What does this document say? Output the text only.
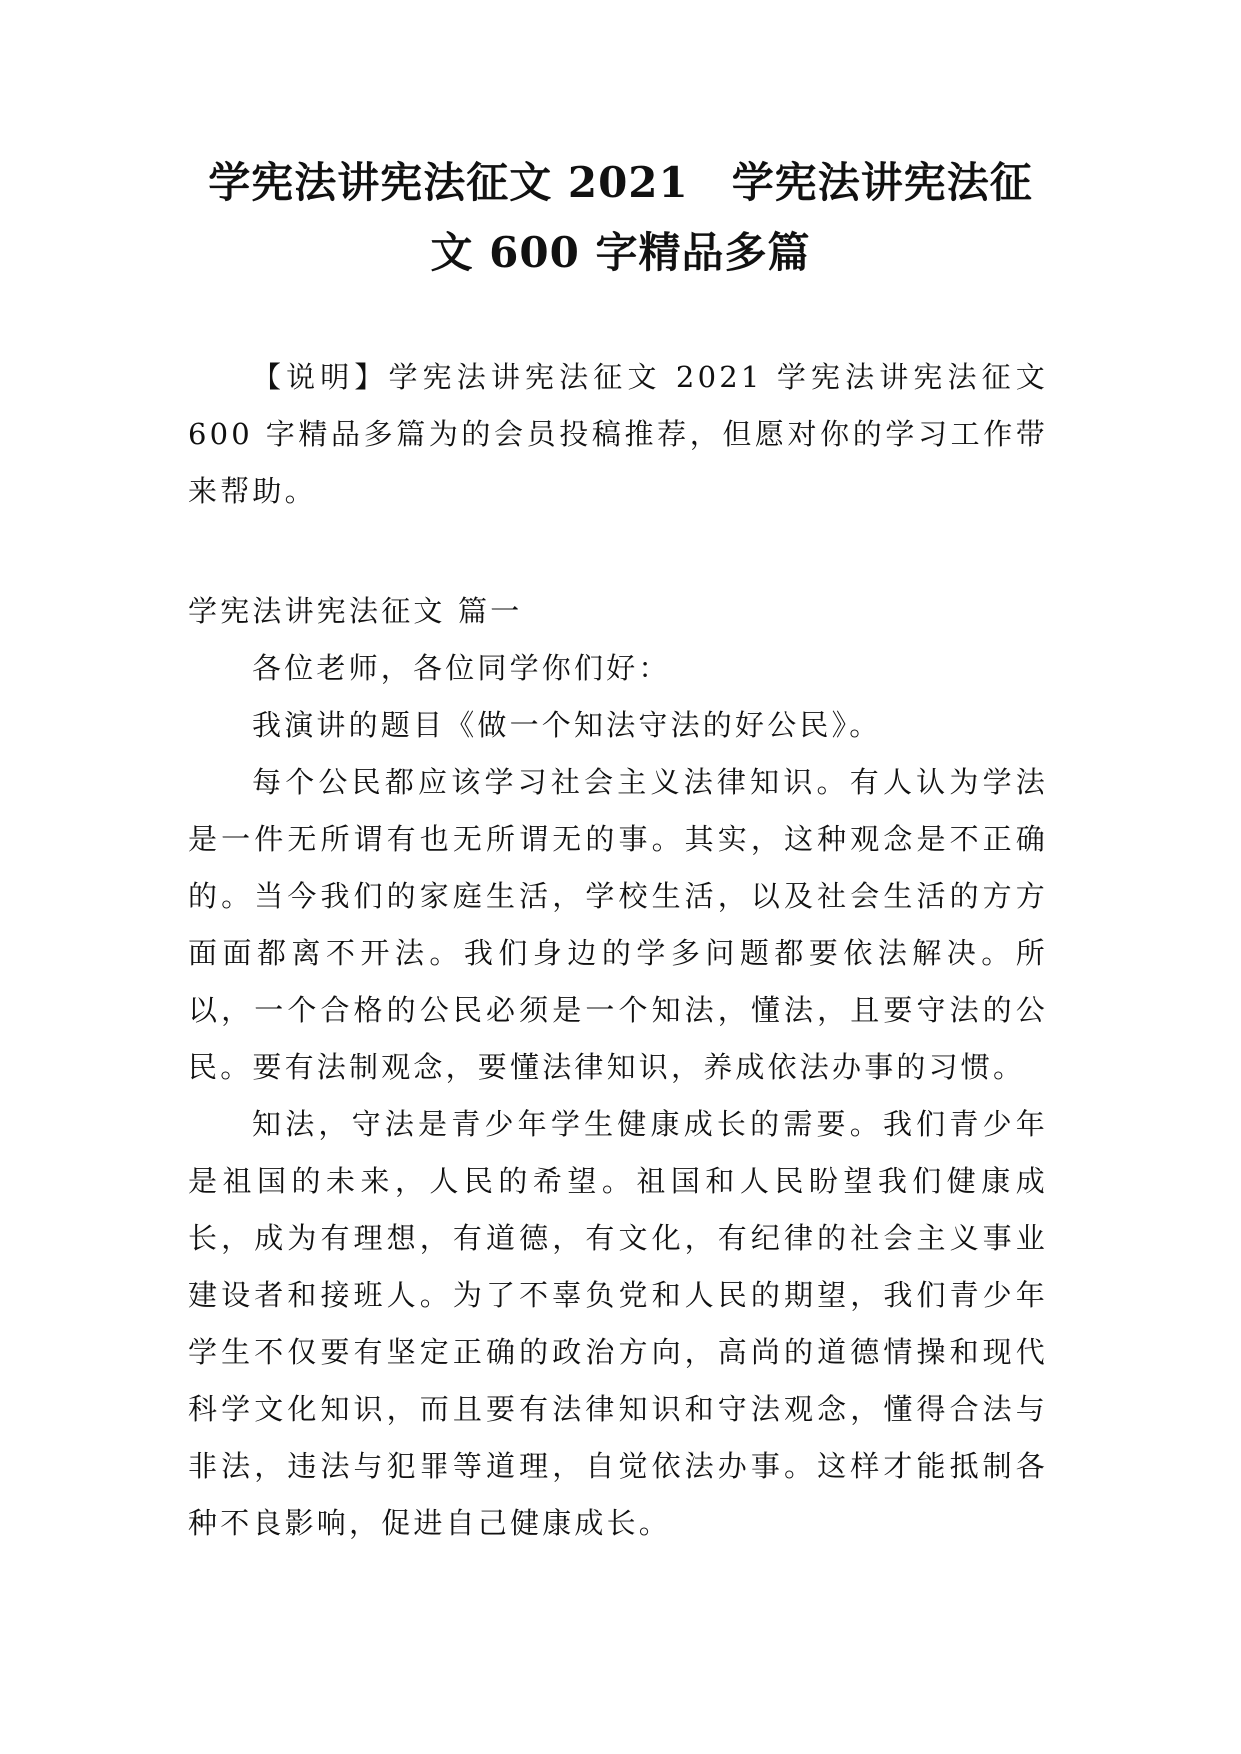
学宪法讲宪法征文 2021　学宪法讲宪法征
文 600 字精品多篇

【说明】学宪法讲宪法征文 2021 学宪法讲宪法征文 600 字精品多篇为的会员投稿推荐，但愿对你的学习工作带来帮助。

学宪法讲宪法征文 篇一

各位老师，各位同学你们好：

我演讲的题目《做一个知法守法的好公民》。

每个公民都应该学习社会主义法律知识。有人认为学法是一件无所谓有也无所谓无的事。其实，这种观念是不正确的。当今我们的家庭生活，学校生活，以及社会生活的方方面面都离不开法。我们身边的学多问题都要依法解决。所以，一个合格的公民必须是一个知法，懂法，且要守法的公民。要有法制观念，要懂法律知识，养成依法办事的习惯。

知法，守法是青少年学生健康成长的需要。我们青少年是祖国的未来，人民的希望。祖国和人民盼望我们健康成长，成为有理想，有道德，有文化，有纪律的社会主义事业建设者和接班人。为了不辜负党和人民的期望，我们青少年学生不仅要有坚定正确的政治方向，高尚的道德情操和现代科学文化知识，而且要有法律知识和守法观念，懂得合法与非法，违法与犯罪等道理，自觉依法办事。这样才能抵制各种不良影响，促进自己健康成长。
